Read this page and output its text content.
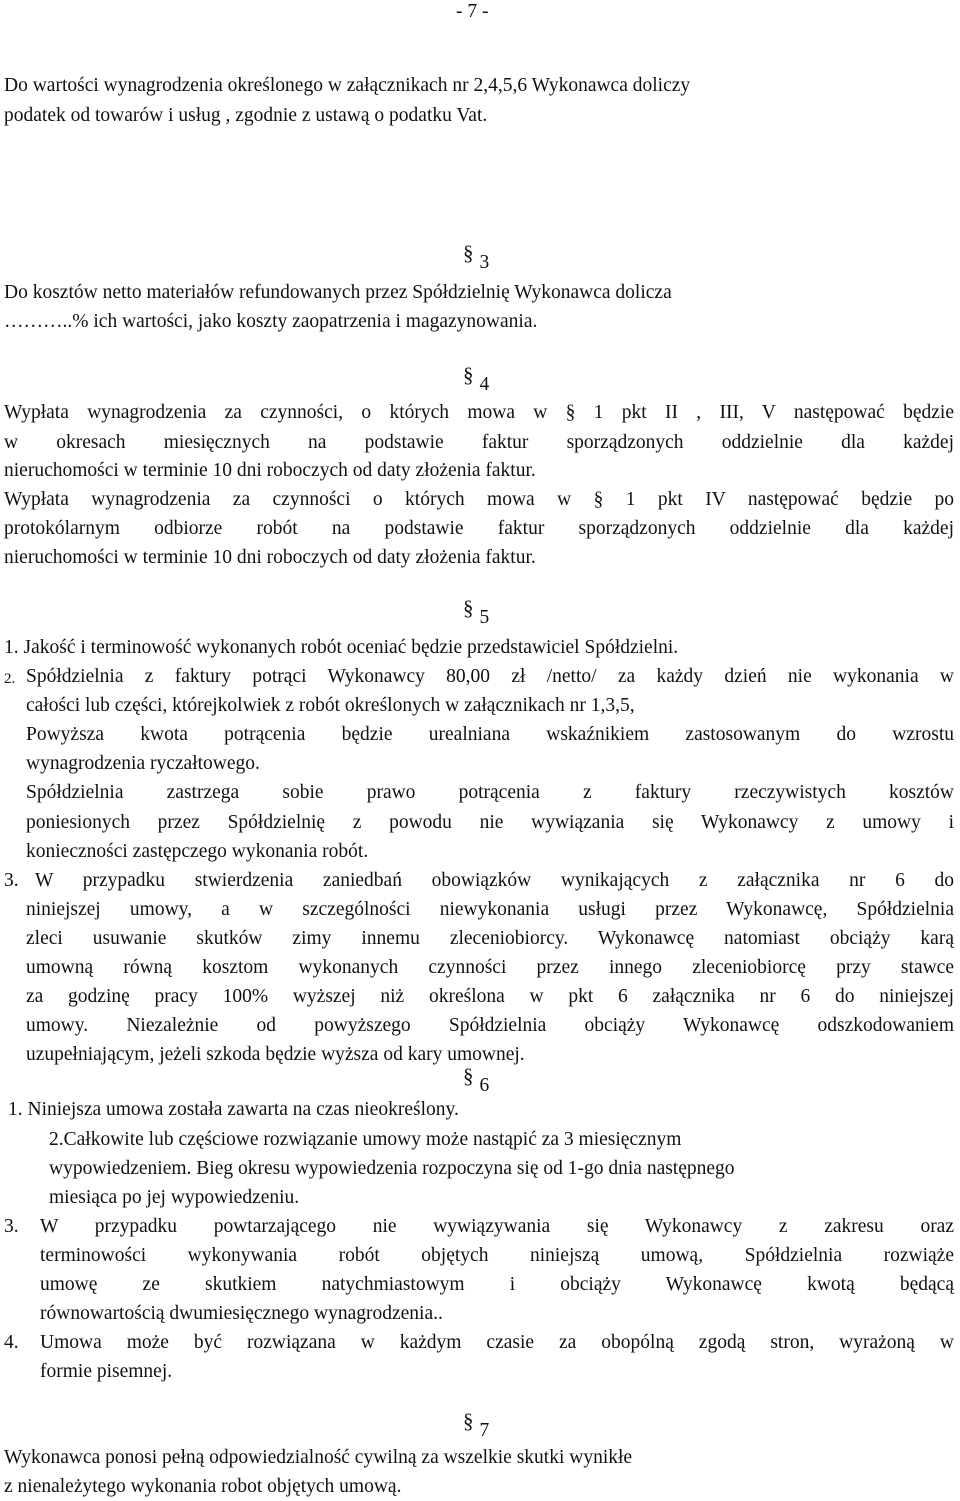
- 7 -
Do wartości wynagrodzenia określonego w załącznikach nr 2,4,5,6 Wykonawca doliczy
podatek od towarów i usług , zgodnie z ustawą o podatku Vat.
§ 3
Do kosztów netto materiałów refundowanych przez Spółdzielnię Wykonawca dolicza
………..% ich wartości, jako koszty zaopatrzenia i magazynowania.
§ 4
Wypłata wynagrodzenia za czynności, o których mowa w § 1 pkt II , III, V następować będzie
w okresach miesięcznych na podstawie faktur sporządzonych oddzielnie dla każdej
nieruchomości w terminie 10 dni roboczych od daty złożenia faktur.
Wypłata wynagrodzenia za czynności o których mowa w § 1 pkt IV następować będzie po
protokólarnym odbiorze robót na podstawie faktur sporządzonych oddzielnie dla każdej
nieruchomości w terminie 10 dni roboczych od daty złożenia faktur.
§ 5
1. Jakość i terminowość wykonanych robót oceniać będzie przedstawiciel Spółdzielni.
2. Spółdzielnia z faktury potrąci Wykonawcy 80,00 zł /netto/ za każdy dzień nie wykonania w
całości lub części, którejkolwiek z robót określonych w załącznikach nr 1,3,5,
Powyższa kwota potrącenia będzie urealniana wskaźnikiem zastosowanym do wzrostu
wynagrodzenia ryczałtowego.
Spółdzielnia zastrzega sobie prawo potrącenia z faktury rzeczywistych kosztów
poniesionych przez Spółdzielnię z powodu nie wywiązania się Wykonawcy z umowy i
konieczności zastępczego wykonania robót.
3. W przypadku stwierdzenia zaniedbań obowiązków wynikających z załącznika nr 6 do
niniejszej umowy, a w szczególności niewykonania usługi przez Wykonawcę, Spółdzielnia
zleci usuwanie skutków zimy innemu zleceniobiorcy. Wykonawcę natomiast obciąży karą
umowną równą kosztom wykonanych czynności przez innego zleceniobiorcę przy stawce
za godzinę pracy 100% wyższej niż określona w pkt 6 załącznika nr 6 do niniejszej
umowy. Niezależnie od powyższego Spółdzielnia obciąży Wykonawcę odszkodowaniem
uzupełniającym, jeżeli szkoda będzie wyższa od kary umownej.
§ 6
1. Niniejsza umowa została zawarta na czas nieokreślony.
2.Całkowite lub częściowe rozwiązanie umowy może nastąpić za 3 miesięcznym
wypowiedzeniem. Bieg okresu wypowiedzenia rozpoczyna się od 1-go dnia następnego
miesiąca po jej wypowiedzeniu.
3. W przypadku powtarzającego nie wywiązywania się Wykonawcy z zakresu oraz
terminowości wykonywania robót objętych niniejszą umową, Spółdzielnia rozwiąże
umowę ze skutkiem natychmiastowym i obciąży Wykonawcę kwotą będącą
równowartością dwumiesięcznego wynagrodzenia..
4. Umowa może być rozwiązana w każdym czasie za obopólną zgodą stron, wyrażoną w
formie pisemnej.
§ 7
Wykonawca ponosi pełną odpowiedzialność cywilną za wszelkie skutki wynikłe
z nienależytego wykonania robot objętych umową.
